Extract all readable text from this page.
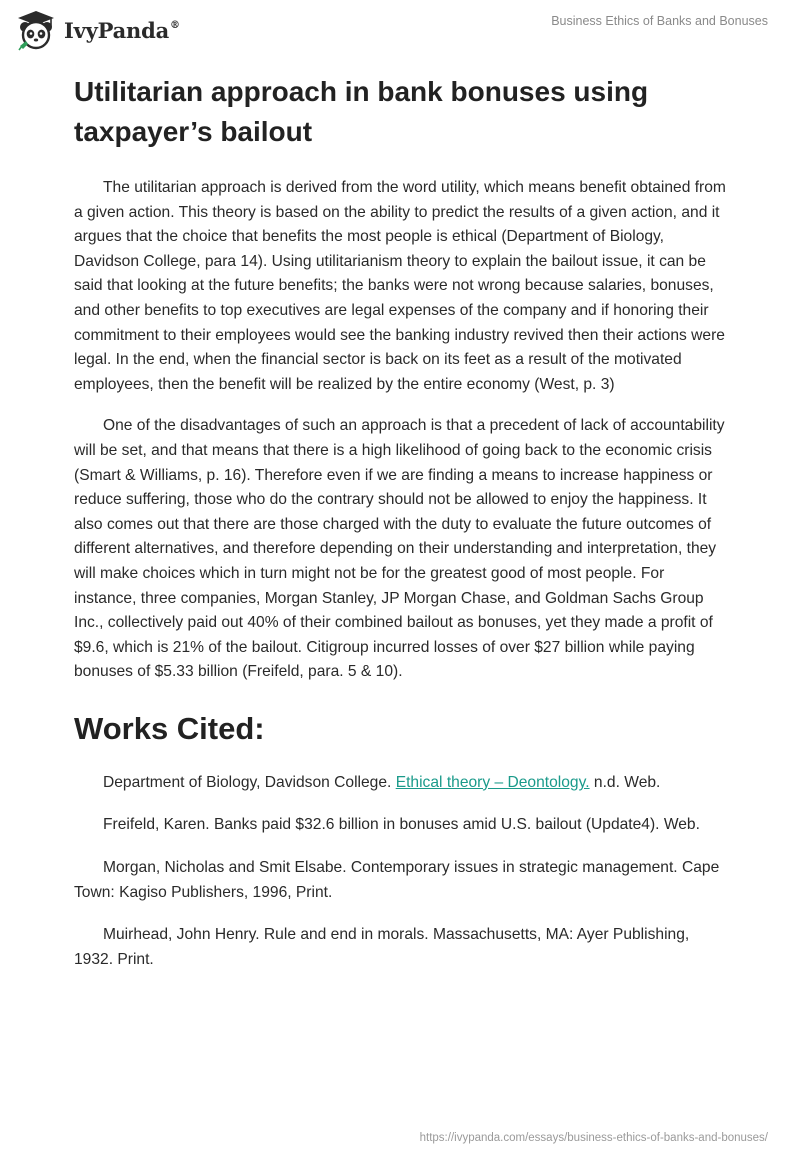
IvyPanda®	Business Ethics of Banks and Bonuses
Utilitarian approach in bank bonuses using taxpayer’s bailout

The utilitarian approach is derived from the word utility, which means benefit obtained from a given action. This theory is based on the ability to predict the results of a given action, and it argues that the choice that benefits the most people is ethical (Department of Biology, Davidson College, para 14). Using utilitarianism theory to explain the bailout issue, it can be said that looking at the future benefits; the banks were not wrong because salaries, bonuses, and other benefits to top executives are legal expenses of the company and if honoring their commitment to their employees would see the banking industry revived then their actions were legal. In the end, when the financial sector is back on its feet as a result of the motivated employees, then the benefit will be realized by the entire economy (West, p. 3)

One of the disadvantages of such an approach is that a precedent of lack of accountability will be set, and that means that there is a high likelihood of going back to the economic crisis (Smart & Williams, p. 16). Therefore even if we are finding a means to increase happiness or reduce suffering, those who do the contrary should not be allowed to enjoy the happiness. It also comes out that there are those charged with the duty to evaluate the future outcomes of different alternatives, and therefore depending on their understanding and interpretation, they will make choices which in turn might not be for the greatest good of most people. For instance, three companies, Morgan Stanley, JP Morgan Chase, and Goldman Sachs Group Inc., collectively paid out 40% of their combined bailout as bonuses, yet they made a profit of $9.6, which is 21% of the bailout. Citigroup incurred losses of over $27 billion while paying bonuses of $5.33 billion (Freifeld, para. 5 & 10).

Works Cited:

Department of Biology, Davidson College. Ethical theory – Deontology. n.d. Web.

Freifeld, Karen. Banks paid $32.6 billion in bonuses amid U.S. bailout (Update4). Web.

Morgan, Nicholas and Smit Elsabe. Contemporary issues in strategic management. Cape Town: Kagiso Publishers, 1996, Print.

Muirhead, John Henry. Rule and end in morals. Massachusetts, MA: Ayer Publishing, 1932. Print.

https://ivypanda.com/essays/business-ethics-of-banks-and-bonuses/
